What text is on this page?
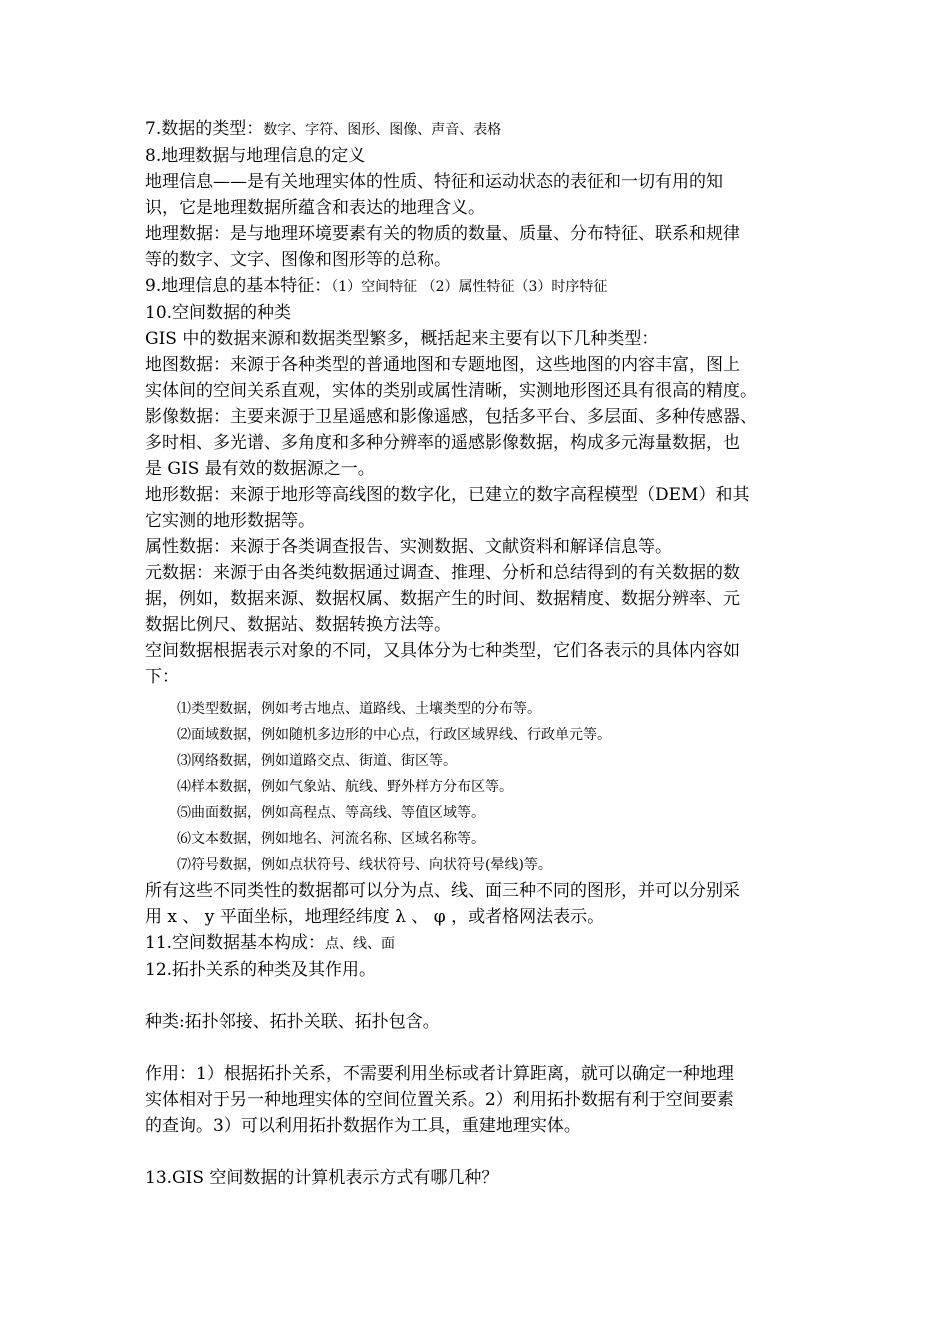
7.数据的类型：数字、字符、图形、图像、声音、表格

8.地理数据与地理信息的定义

地理信息——是有关地理实体的性质、特征和运动状态的表征和一切有用的知

识，它是地理数据所蕴含和表达的地理含义。

地理数据：是与地理环境要素有关的物质的数量、质量、分布特征、联系和规律

等的数字、文字、图像和图形等的总称。

9.地理信息的基本特征：（1）空间特征 （2）属性特征（3）时序特征

10.空间数据的种类

GIS 中的数据来源和数据类型繁多，概括起来主要有以下几种类型：

地图数据：来源于各种类型的普通地图和专题地图，这些地图的内容丰富，图上

实体间的空间关系直观，实体的类别或属性清晰，实测地形图还具有很高的精度。

影像数据：主要来源于卫星遥感和影像遥感，包括多平台、多层面、多种传感器、

多时相、多光谱、多角度和多种分辨率的遥感影像数据，构成多元海量数据，也

是 GIS 最有效的数据源之一。

地形数据：来源于地形等高线图的数字化，已建立的数字高程模型（DEM）和其

它实测的地形数据等。

属性数据：来源于各类调查报告、实测数据、文献资料和解译信息等。

元数据：来源于由各类纯数据通过调查、推理、分析和总结得到的有关数据的数

据，例如，数据来源、数据权属、数据产生的时间、数据精度、数据分辨率、元

数据比例尺、数据站、数据转换方法等。

空间数据根据表示对象的不同，又具体分为七种类型，它们各表示的具体内容如

下：

⑴类型数据，例如考古地点、道路线、土壤类型的分布等。

⑵面域数据，例如随机多边形的中心点，行政区域界线、行政单元等。

⑶网络数据，例如道路交点、街道、街区等。

⑷样本数据，例如气象站、航线、野外样方分布区等。

⑸曲面数据，例如高程点、等高线、等值区域等。

⑹文本数据，例如地名、河流名称、区域名称等。

⑺符号数据，例如点状符号、线状符号、向状符号(晕线)等。

所有这些不同类性的数据都可以分为点、线、面三种不同的图形，并可以分别采

用 x 、 y 平面坐标，地理经纬度 λ 、 φ ，或者格网法表示。

11.空间数据基本构成：点、线、面

12.拓扑关系的种类及其作用。

种类:拓扑邻接、拓扑关联、拓扑包含。

作用：1）根据拓扑关系，不需要利用坐标或者计算距离，就可以确定一种地理

实体相对于另一种地理实体的空间位置关系。2）利用拓扑数据有利于空间要素

的查询。3）可以利用拓扑数据作为工具，重建地理实体。

13.GIS 空间数据的计算机表示方式有哪几种？
